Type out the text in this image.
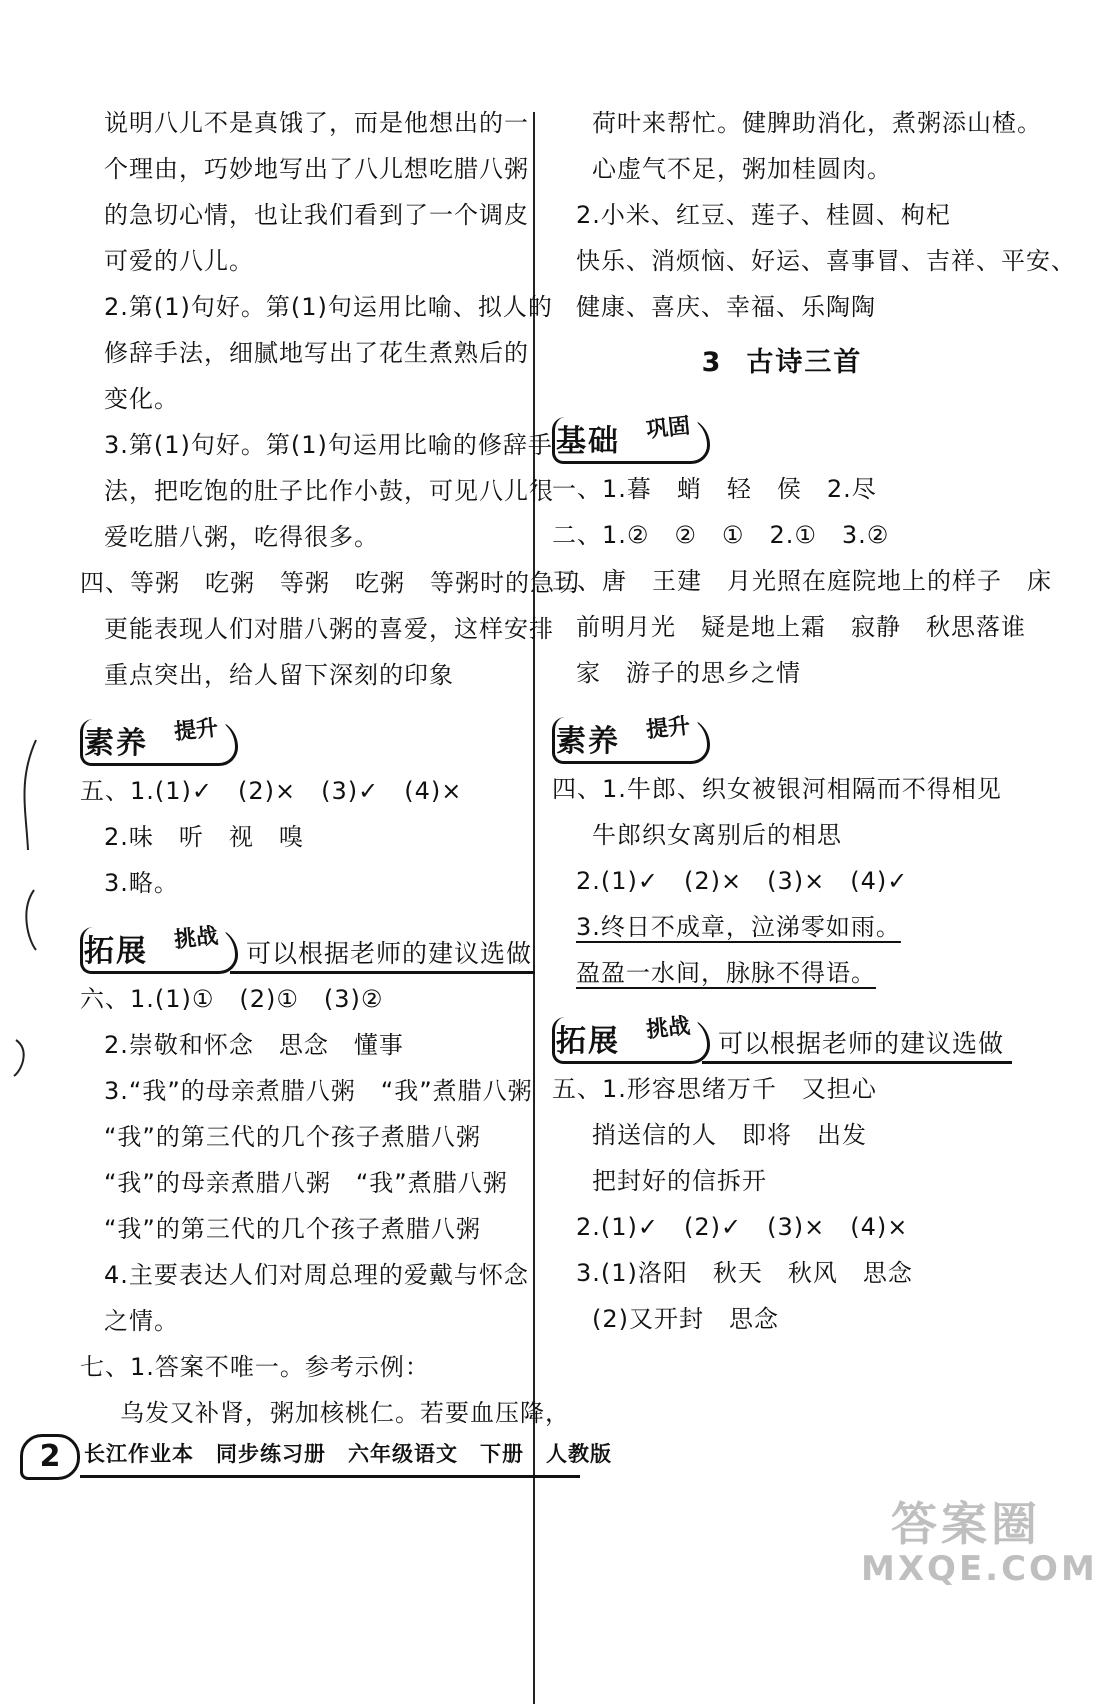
说明八儿不是真饿了，而是他想出的一
个理由，巧妙地写出了八儿想吃腊八粥
的急切心情，也让我们看到了一个调皮
可爱的八儿。
2.第(1)句好。第(1)句运用比喻、拟人的
修辞手法，细腻地写出了花生煮熟后的
变化。
3.第(1)句好。第(1)句运用比喻的修辞手
法，把吃饱的肚子比作小鼓，可见八儿很
爱吃腊八粥，吃得很多。
四、等粥　吃粥　等粥　吃粥　等粥时的急切
更能表现人们对腊八粥的喜爱，这样安排
重点突出，给人留下深刻的印象
素养	提升
五、1.(1)✓　(2)×　(3)✓　(4)×
2.味　听　视　嗅
3.略。
拓展	挑战
可以根据老师的建议选做
六、1.(1)①　(2)①　(3)②
2.崇敬和怀念　思念　懂事
3.“我”的母亲煮腊八粥　“我”煮腊八粥
“我”的第三代的几个孩子煮腊八粥
“我”的母亲煮腊八粥　“我”煮腊八粥
“我”的第三代的几个孩子煮腊八粥
4.主要表达人们对周总理的爱戴与怀念
之情。
七、1.答案不唯一。参考示例：
乌发又补肾，粥加核桃仁。若要血压降，
荷叶来帮忙。健脾助消化，煮粥添山楂。
心虚气不足，粥加桂圆肉。
2.小米、红豆、莲子、桂圆、枸杞
快乐、消烦恼、好运、喜事冒、吉祥、平安、
健康、喜庆、幸福、乐陶陶
3 古诗三首
基础	巩固
一、1.暮　蛸　轻　侯　2.尽
二、1.②　②　①　2.①　3.②
三、唐　王建　月光照在庭院地上的样子　床
前明月光　疑是地上霜　寂静　秋思落谁
家　游子的思乡之情
素养	提升
四、1.牛郎、织女被银河相隔而不得相见
牛郎织女离别后的相思
2.(1)✓　(2)×　(3)×　(4)✓
3.终日不成章，泣涕零如雨。
盈盈一水间，脉脉不得语。
拓展	挑战
可以根据老师的建议选做
五、1.形容思绪万千　又担心
捎送信的人　即将　出发
把封好的信拆开
2.(1)✓　(2)✓　(3)×　(4)×
3.(1)洛阳　秋天　秋风　思念
(2)又开封　思念
2	长江作业本　同步练习册　六年级语文　下册　人教版
答案圈
MXQE.COM
